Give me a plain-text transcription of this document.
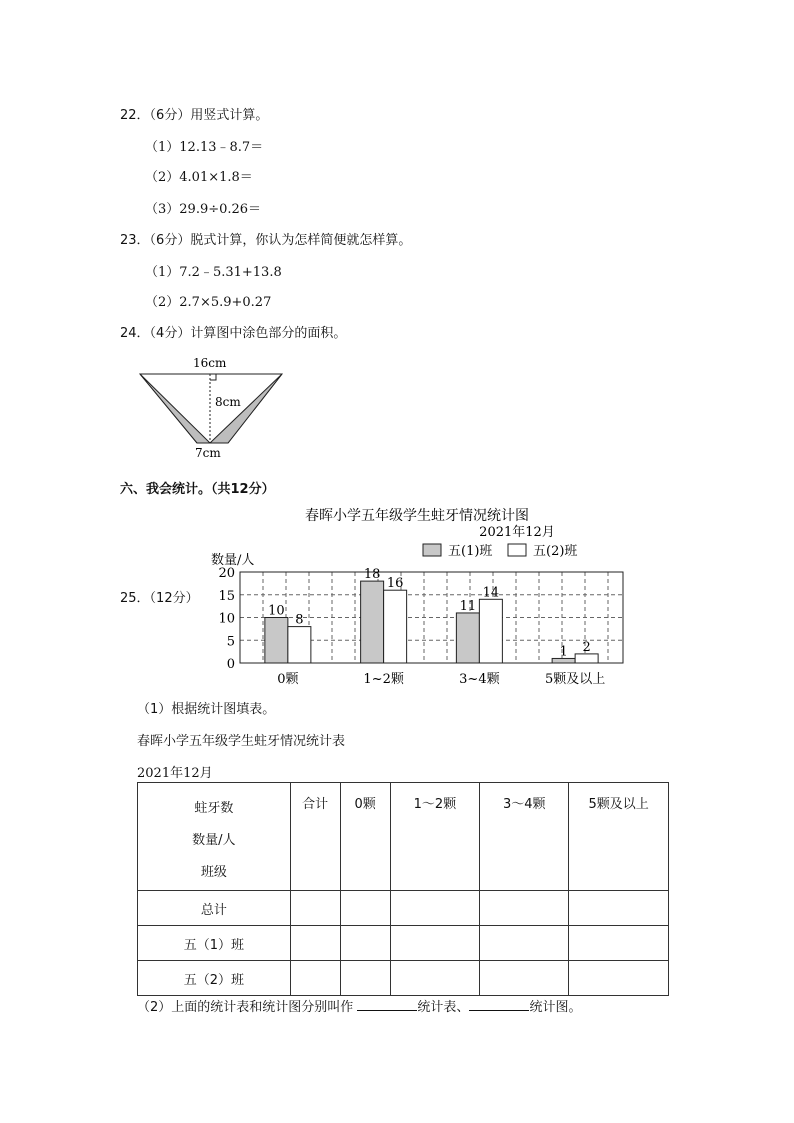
22．（6分）用竖式计算。
（1）12.13﹣8.7＝
（2）4.01×1.8＝
（3）29.9÷0.26＝
23．（6分）脱式计算，你认为怎样简便就怎样算。
（1）7.2﹣5.31+13.8
（2）2.7×5.9+0.27
24．（4分）计算图中涂色部分的面积。
16cm
8cm
7cm
六、我会统计。（共12分）
25．（12分）
春晖小学五年级学生蛀牙情况统计图
2021年12月
数量/人
五(1)班	五(2)班
10
8
18
16
11
14
1 2
0
5
10
15
20
0颗	1~2颗	3~4颗	5颗及以上
（1）根据统计图填表。
春晖小学五年级学生蛀牙情况统计表
2021年12月
蛀牙数
数量/人
班级	合计	0颗	1～2颗	3～4颗	5颗及以上
总计					
五（1）班					
五（2）班					
（2）上面的统计表和统计图分别叫作	统计表、	统计图。
